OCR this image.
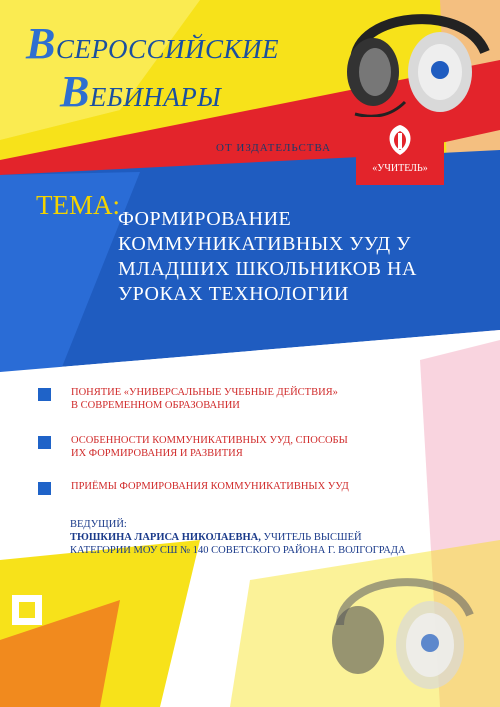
ВСЕРОССИЙСКИЕ
ВЕБИНАРЫ
ОТ ИЗДАТЕЛЬСТВА
«УЧИТЕЛЬ»
ТЕМА:
ФОРМИРОВАНИЕ КОММУНИКАТИВНЫХ УУД У МЛАДШИХ ШКОЛЬНИКОВ НА УРОКАХ ТЕХНОЛОГИИ
ПОНЯТИЕ «УНИВЕРСАЛЬНЫЕ УЧЕБНЫЕ ДЕЙСТВИЯ»
В СОВРЕМЕННОМ ОБРАЗОВАНИИ
ОСОБЕННОСТИ КОММУНИКАТИВНЫХ УУД, СПОСОБЫ
ИХ ФОРМИРОВАНИЯ И РАЗВИТИЯ
ПРИЁМЫ ФОРМИРОВАНИЯ КОММУНИКАТИВНЫХ УУД
ВЕДУЩИЙ:
ТЮШКИНА ЛАРИСА НИКОЛАЕВНА, УЧИТЕЛЬ ВЫСШЕЙ
КАТЕГОРИИ МОУ СШ № 140 СОВЕТСКОГО РАЙОНА Г. ВОЛГОГРАДА
